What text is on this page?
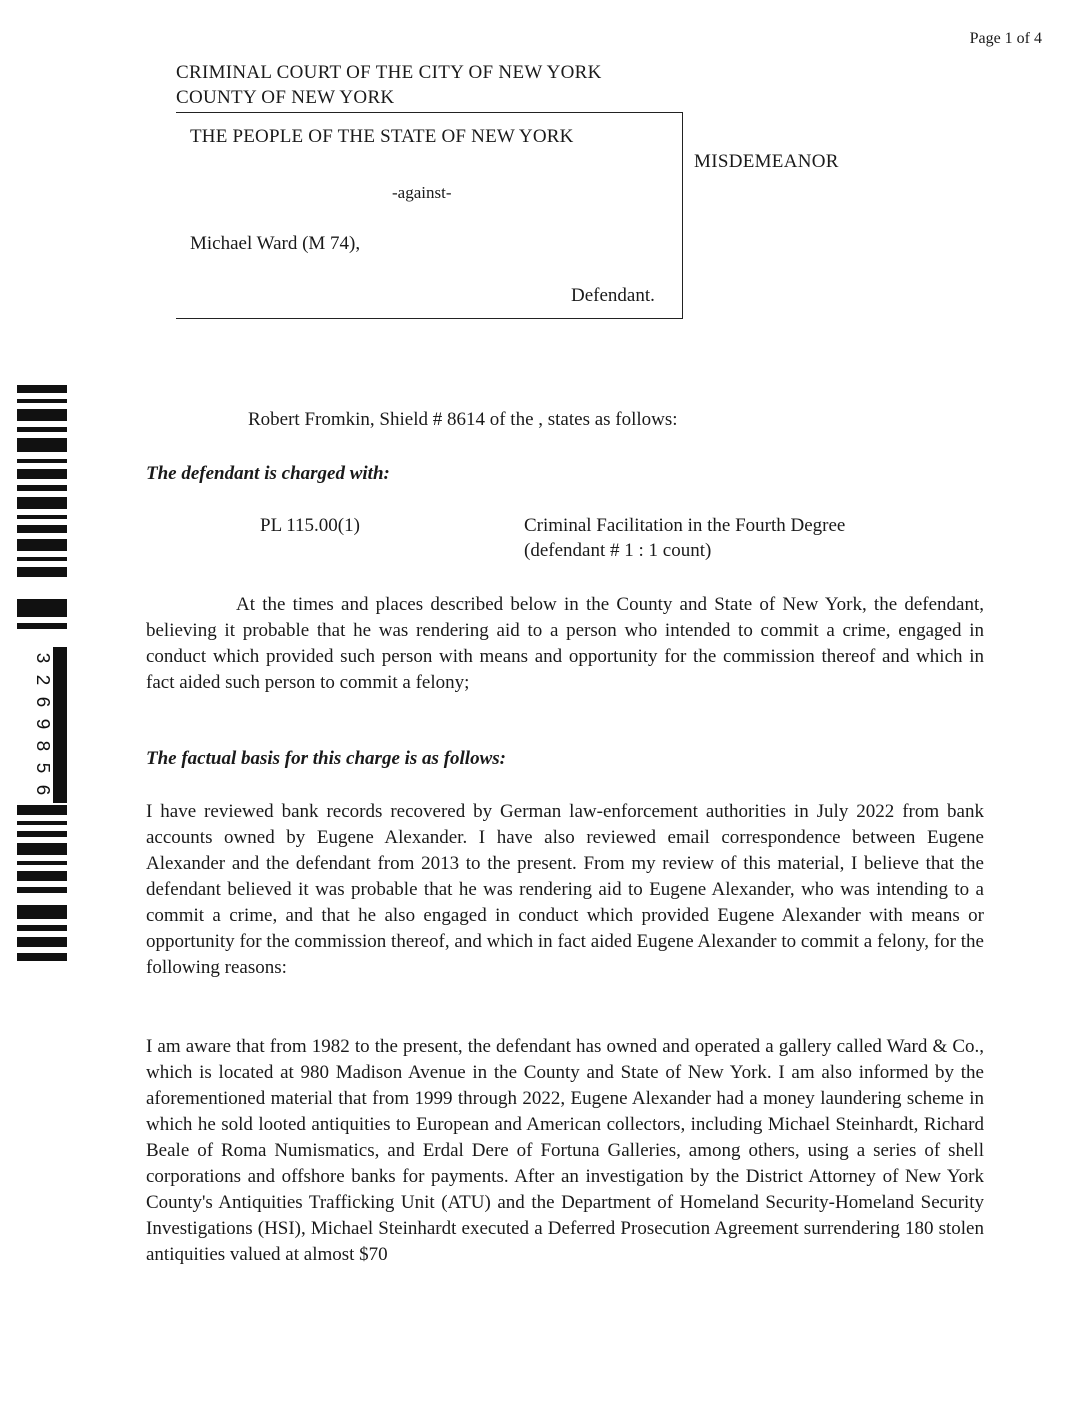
Page 1 of 4
CRIMINAL COURT OF THE CITY OF NEW YORK
COUNTY OF NEW YORK
THE PEOPLE OF THE STATE OF NEW YORK
-against-
Michael Ward (M 74),
Defendant.
MISDEMEANOR
3
2
6
9
8
5
6
Robert Fromkin, Shield # 8614 of the , states as follows:
The defendant is charged with:
PL 115.00(1)	Criminal Facilitation in the Fourth Degree
(defendant # 1 : 1 count)

At the times and places described below in the County and State of New York, the defendant, believing it probable that he was rendering aid to a person who intended to commit a crime, engaged in conduct which provided such person with means and opportunity for the commission thereof and which in fact aided such person to commit a felony;

The factual basis for this charge is as follows:

I have reviewed bank records recovered by German law-enforcement authorities in July 2022 from bank accounts owned by Eugene Alexander. I have also reviewed email correspondence between Eugene Alexander and the defendant from 2013 to the present. From my review of this material, I believe that the defendant believed it was probable that he was rendering aid to Eugene Alexander, who was intending to a commit a crime, and that he also engaged in conduct which provided Eugene Alexander with means or opportunity for the commission thereof, and which in fact aided Eugene Alexander to commit a felony, for the following reasons:

I am aware that from 1982 to the present, the defendant has owned and operated a gallery called Ward & Co., which is located at 980 Madison Avenue in the County and State of New York. I am also informed by the aforementioned material that from 1999 through 2022, Eugene Alexander had a money laundering scheme in which he sold looted antiquities to European and American collectors, including Michael Steinhardt, Richard Beale of Roma Numismatics, and Erdal Dere of Fortuna Galleries, among others, using a series of shell corporations and offshore banks for payments. After an investigation by the District Attorney of New York County's Antiquities Trafficking Unit (ATU) and the Department of Homeland Security-Homeland Security Investigations (HSI), Michael Steinhardt executed a Deferred Prosecution Agreement surrendering 180 stolen antiquities valued at almost $70
